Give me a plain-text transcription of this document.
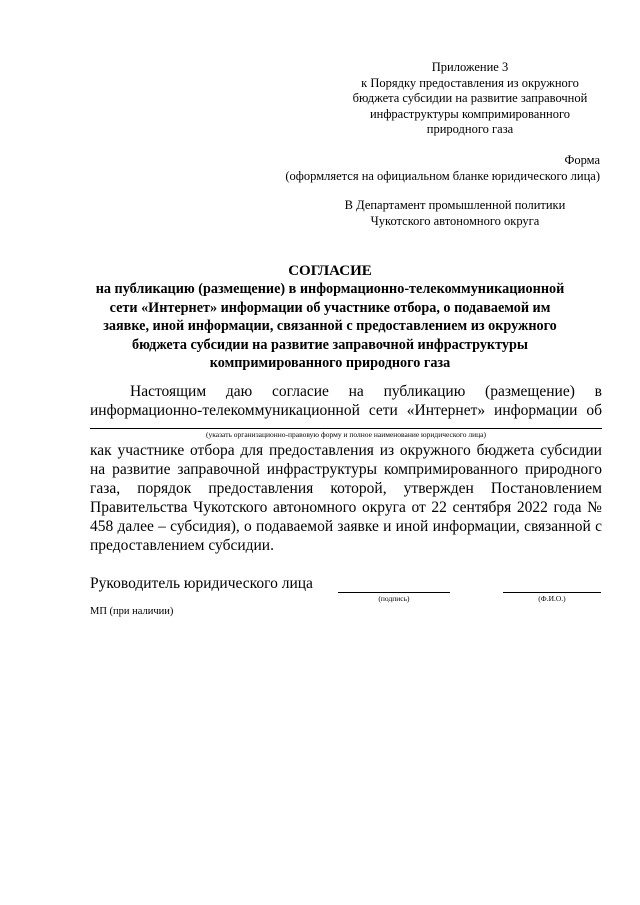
Приложение 3
к Порядку предоставления из окружного
бюджета субсидии на развитие заправочной
инфраструктуры компримированного
природного газа
Форма
(оформляется на официальном бланке юридического лица)
В Департамент промышленной политики
Чукотского автономного округа
СОГЛАСИЕ
на публикацию (размещение) в информационно-телекоммуникационной
сети «Интернет» информации об участнике отбора, о подаваемой им
заявке, иной информации, связанной с предоставлением из окружного
бюджета субсидии на развитие заправочной инфраструктуры
компримированного природного газа
Настоящим даю согласие на публикацию (размещение) в
информационно-телекоммуникационной сети «Интернет» информации об
(указать организационно-правовую форму и полное наименование юридического лица)
как участнике отбора для предоставления из окружного бюджета субсидии
на развитие заправочной инфраструктуры компримированного природного
газа, порядок предоставления которой, утвержден Постановлением
Правительства Чукотского автономного округа от 22 сентября 2022 года №
458 далее – субсидия), о подаваемой заявке и иной информации, связанной с
предоставлением субсидии.
Руководитель юридического лица
(подпись)	(Ф.И.О.)
МП (при наличии)
